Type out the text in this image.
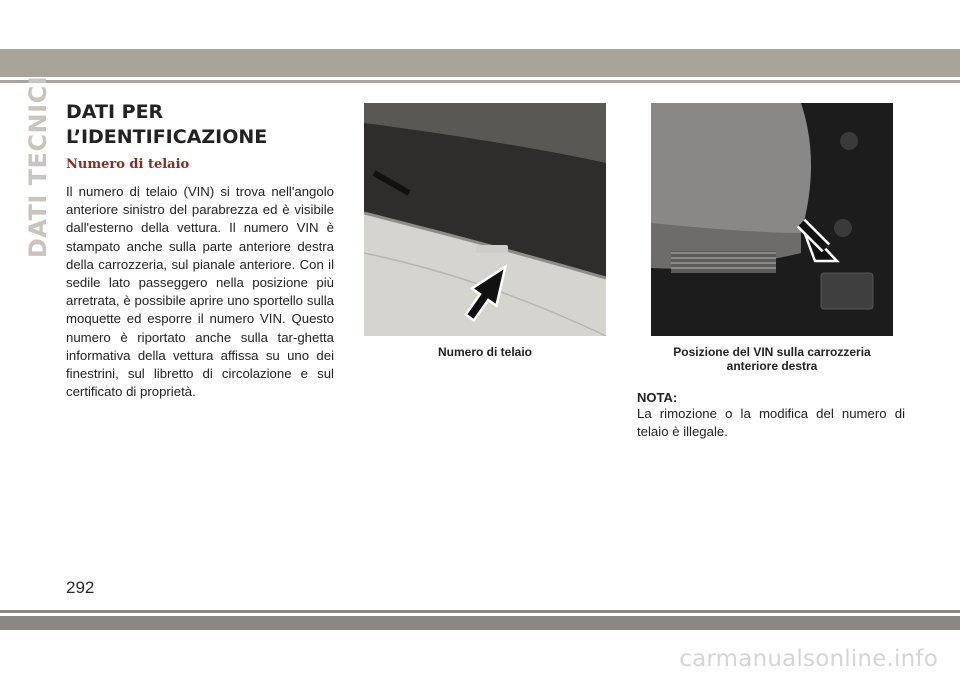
DATI TECNICI DATI PER
L’IDENTIFICAZIONE
Numero di telaio

Il numero di telaio (VIN) si trova nell'angolo anteriore sinistro del parabrezza ed è visibile dall'esterno della vettura. Il numero VIN è stampato anche sulla parte anteriore destra della carrozzeria, sul pianale anteriore. Con il sedile lato passeggero nella posizione più arretrata, è possibile aprire uno sportello sulla moquette ed esporre il numero VIN. Questo numero è riportato anche sulla tar-ghetta informativa della vettura affissa su uno dei finestrini, sul libretto di circolazione e sul certificato di proprietà.

Numero di telaio	Posizione del VIN sulla carrozzeria
anteriore destra
NOTA:

La rimozione o la modifica del numero di telaio è illegale.

292
carmanualsonline.info
